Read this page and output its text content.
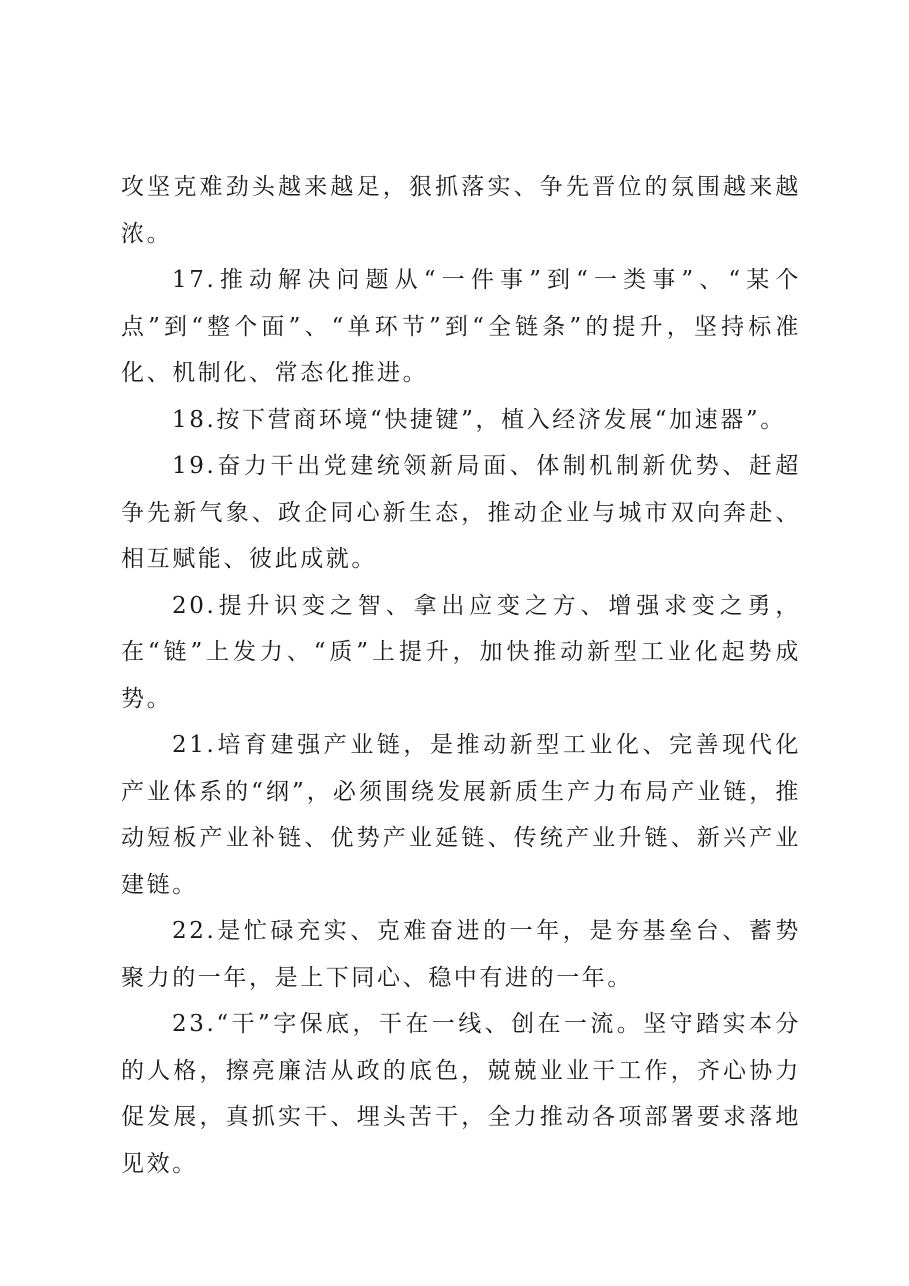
攻坚克难劲头越来越足，狠抓落实、争先晋位的氛围越来越浓。

17.推动解决问题从“一件事”到“一类事”、“某个点”到“整个面”、“单环节”到“全链条”的提升，坚持标准化、机制化、常态化推进。

18.按下营商环境“快捷键”，植入经济发展“加速器”。

19.奋力干出党建统领新局面、体制机制新优势、赶超争先新气象、政企同心新生态，推动企业与城市双向奔赴、相互赋能、彼此成就。

20.提升识变之智、拿出应变之方、增强求变之勇，在“链”上发力、“质”上提升，加快推动新型工业化起势成势。

21.培育建强产业链，是推动新型工业化、完善现代化产业体系的“纲”，必须围绕发展新质生产力布局产业链，推动短板产业补链、优势产业延链、传统产业升链、新兴产业建链。

22.是忙碌充实、克难奋进的一年，是夯基垒台、蓄势聚力的一年，是上下同心、稳中有进的一年。

23.“干”字保底，干在一线、创在一流。坚守踏实本分的人格，擦亮廉洁从政的底色，兢兢业业干工作，齐心协力促发展，真抓实干、埋头苦干，全力推动各项部署要求落地见效。
